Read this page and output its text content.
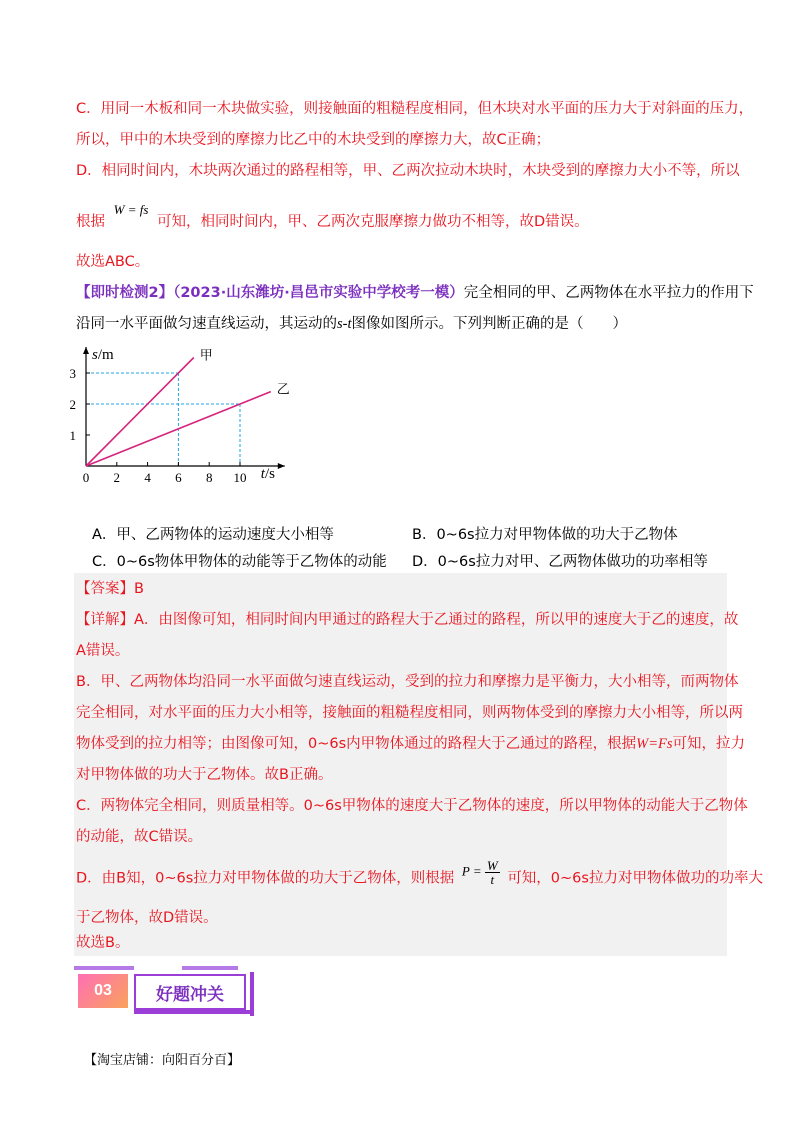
C．用同一木板和同一木块做实验，则接触面的粗糙程度相同，但木块对水平面的压力大于对斜面的压力，
所以，甲中的木块受到的摩擦力比乙中的木块受到的摩擦力大，故C正确；
D．相同时间内，木块两次通过的路程相等，甲、乙两次拉动木块时，木块受到的摩擦力大小不等，所以
根据 W = fs 可知，相同时间内，甲、乙两次克服摩擦力做功不相等，故D错误。
故选ABC。
【即时检测2】（2023·山东潍坊·昌邑市实验中学校考一模）完全相同的甲、乙两物体在水平拉力的作用下
沿同一水平面做匀速直线运动，其运动的s-t图像如图所示。下列判断正确的是（　　）
0 2 4 6 8 10
1
2
3
甲
乙
s/m
t/s
A．甲、乙两物体的运动速度大小相等	B．0~6s拉力对甲物体做的功大于乙物体
C．0~6s物体甲物体的动能等于乙物体的动能 D．0~6s拉力对甲、乙两物体做功的功率相等
【答案】B
【详解】A．由图像可知，相同时间内甲通过的路程大于乙通过的路程，所以甲的速度大于乙的速度，故
A错误。
B．甲、乙两物体均沿同一水平面做匀速直线运动，受到的拉力和摩擦力是平衡力，大小相等，而两物体
完全相同，对水平面的压力大小相等，接触面的粗糙程度相同，则两物体受到的摩擦力大小相等，所以两
物体受到的拉力相等；由图像可知，0~6s内甲物体通过的路程大于乙通过的路程，根据W=Fs可知，拉力
对甲物体做的功大于乙物体。故B正确。
C．两物体完全相同，则质量相等。0~6s甲物体的速度大于乙物体的速度，所以甲物体的动能大于乙物体
的动能，故C错误。
D．由B知，0~6s拉力对甲物体做的功大于乙物体，则根据 $P = \frac{W}{t}$ 可知，0~6s拉力对甲物体做功的功率大
于乙物体，故D错误。
故选B。
03	好题冲关
【淘宝店铺：向阳百分百】
